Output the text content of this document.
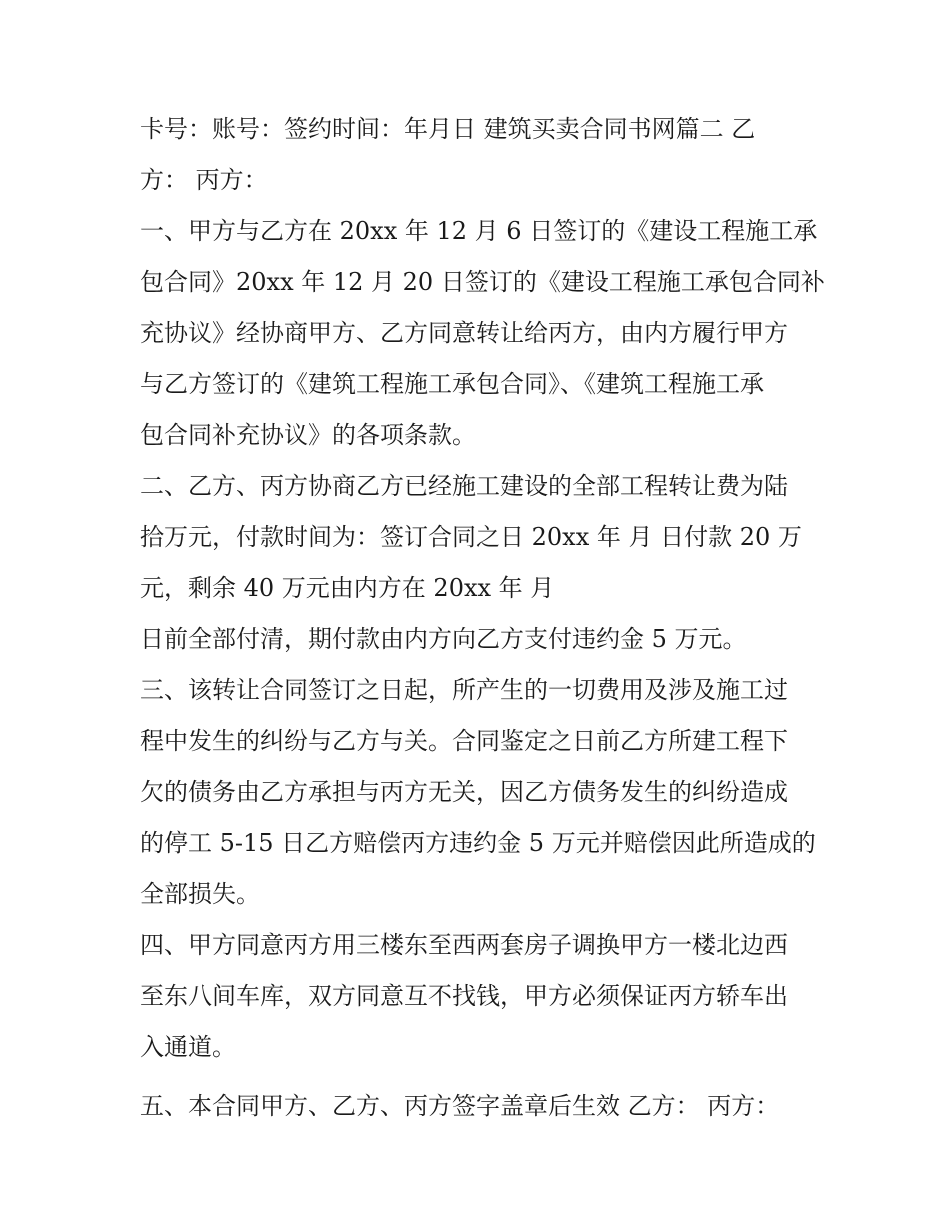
卡号：账号：签约时间：年月日 建筑买卖合同书网篇二 乙
方： 丙方：
一、甲方与乙方在 20xx 年 12 月 6 日签订的《建设工程施工承
包合同》20xx 年 12 月 20 日签订的《建设工程施工承包合同补
充协议》经协商甲方、乙方同意转让给丙方，由内方履行甲方
与乙方签订的《建筑工程施工承包合同》、《建筑工程施工承
包合同补充协议》的各项条款。
二、乙方、丙方协商乙方已经施工建设的全部工程转让费为陆
拾万元，付款时间为：签订合同之日 20xx 年 月 日付款 20 万
元，剩余 40 万元由内方在 20xx 年 月
日前全部付清，期付款由内方向乙方支付违约金 5 万元。
三、该转让合同签订之日起，所产生的一切费用及涉及施工过
程中发生的纠纷与乙方与关。合同鉴定之日前乙方所建工程下
欠的债务由乙方承担与丙方无关，因乙方债务发生的纠纷造成
的停工 5-15 日乙方赔偿丙方违约金 5 万元并赔偿因此所造成的
全部损失。
四、甲方同意丙方用三楼东至西两套房子调换甲方一楼北边西
至东八间车库，双方同意互不找钱，甲方必须保证丙方轿车出
入通道。
五、本合同甲方、乙方、丙方签字盖章后生效 乙方： 丙方：
